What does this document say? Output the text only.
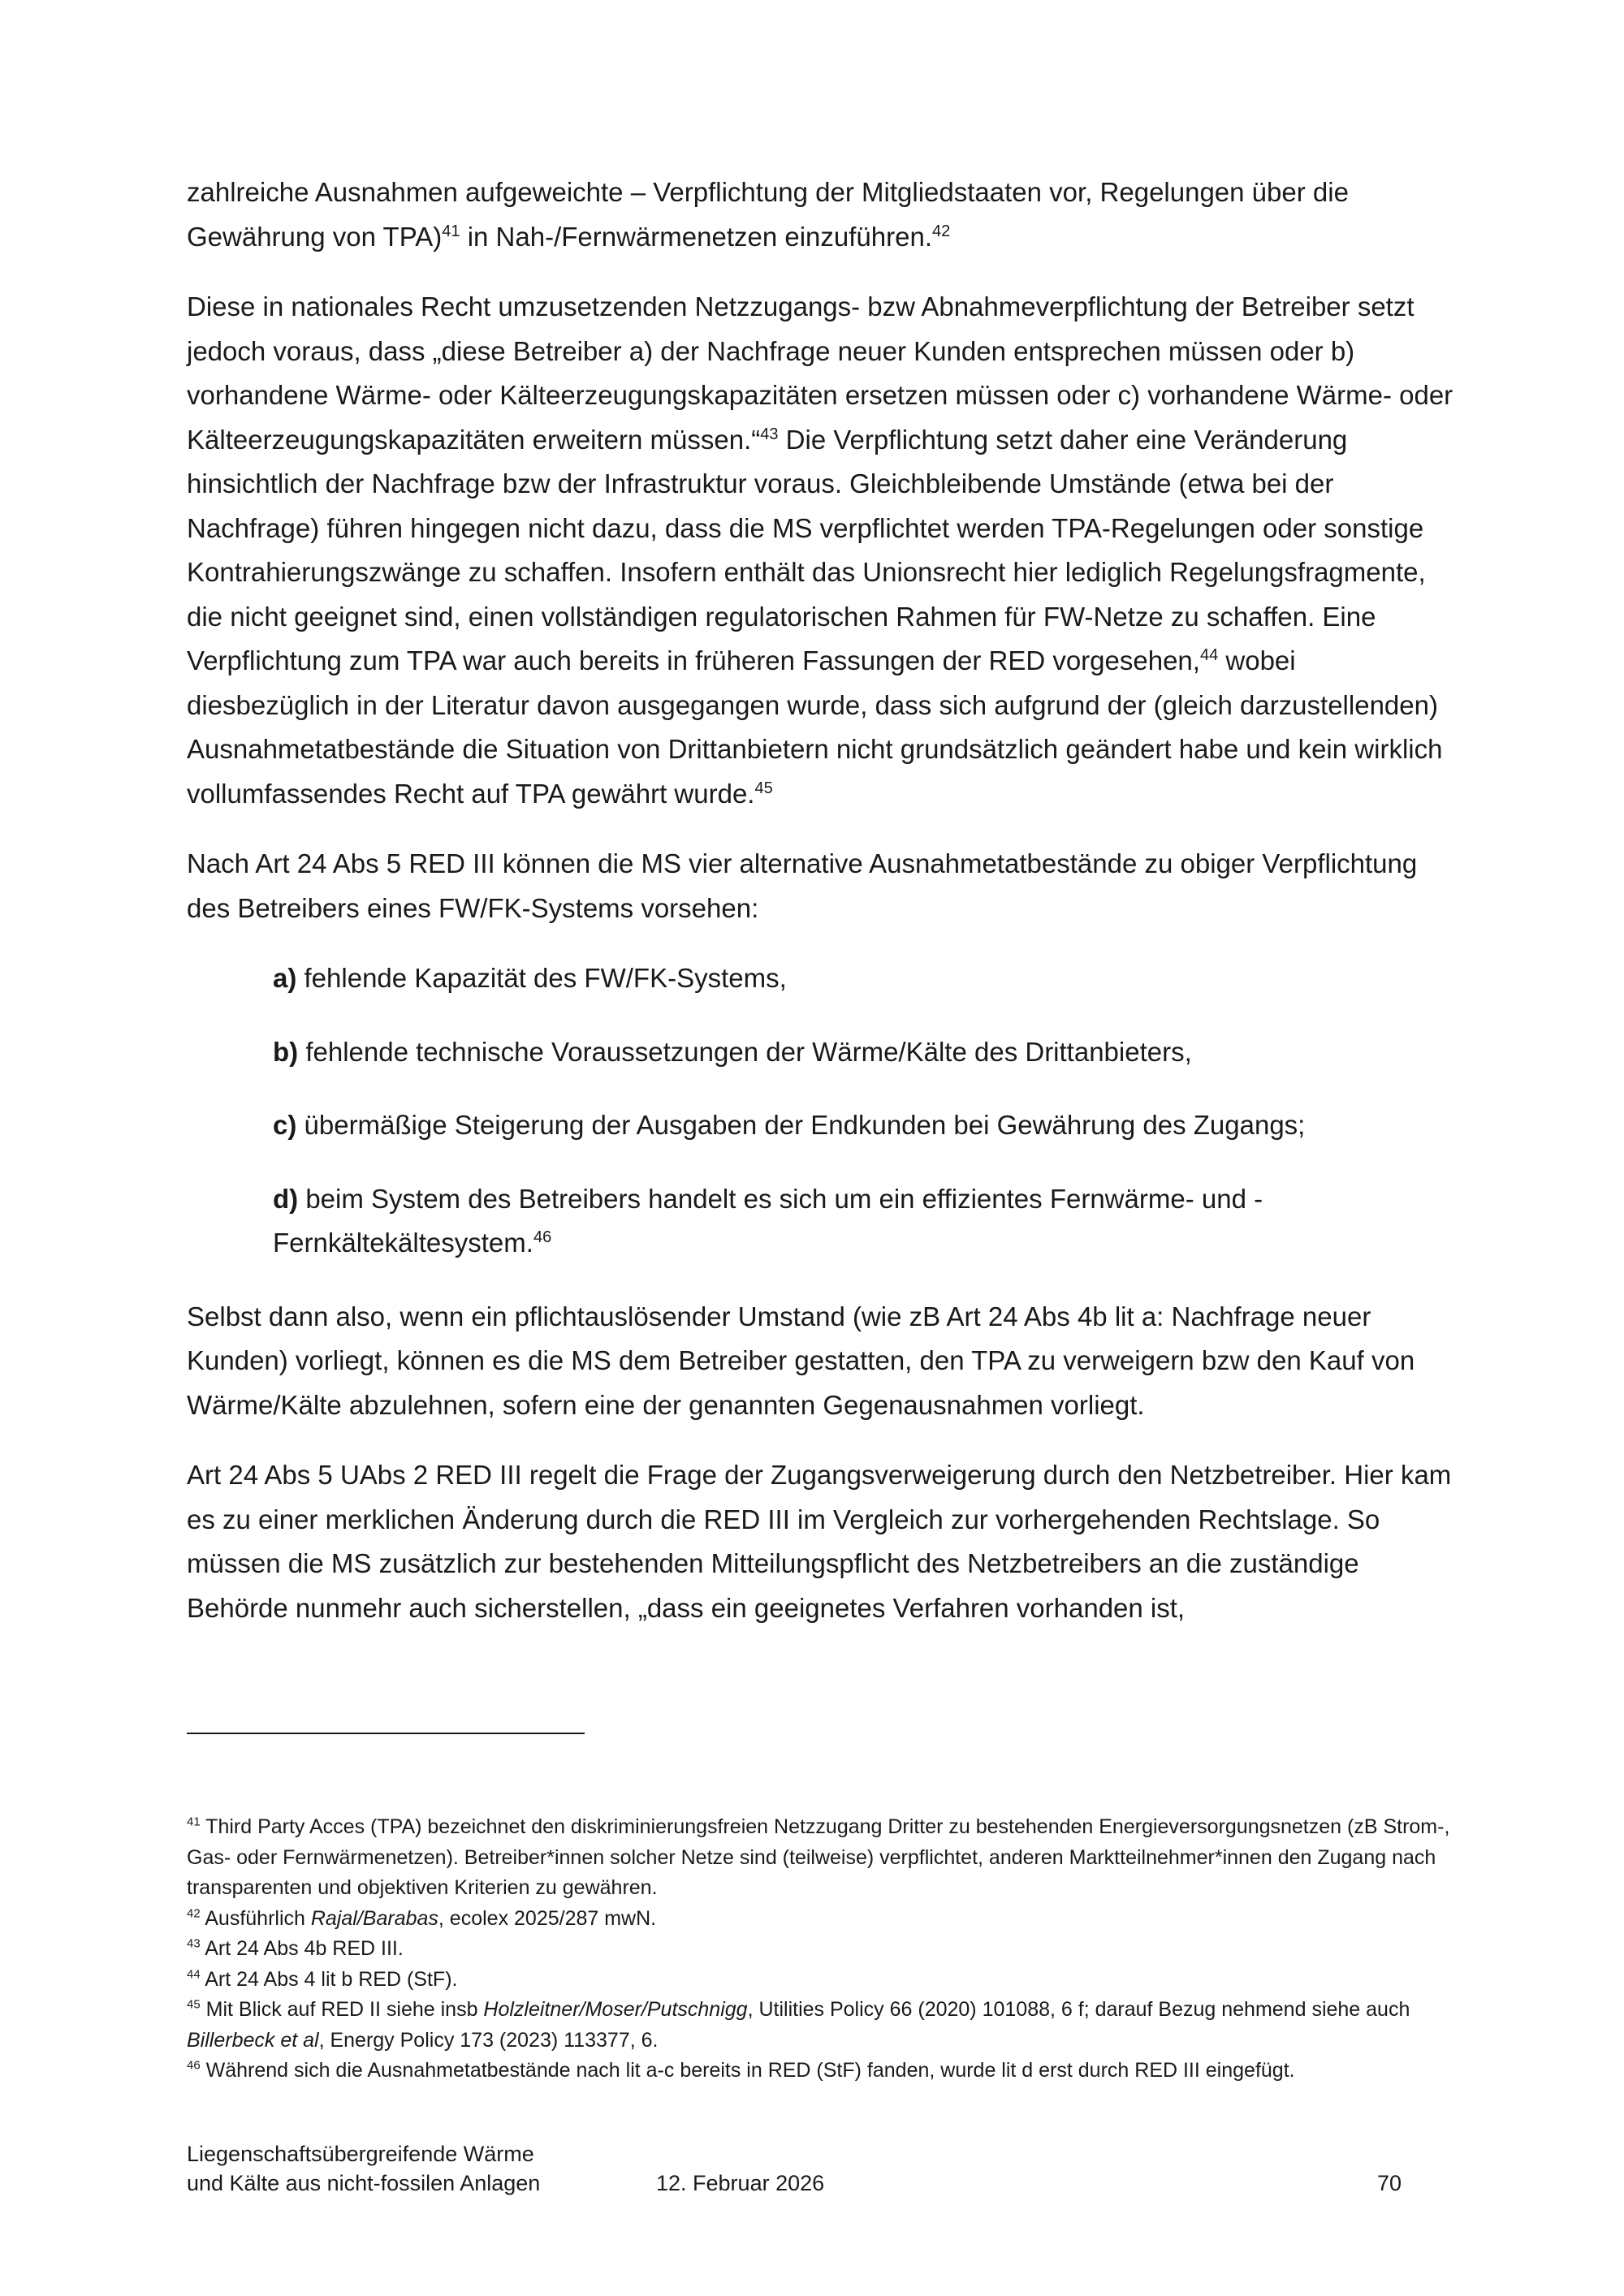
zahlreiche Ausnahmen aufgeweichte – Verpflichtung der Mitgliedstaaten vor, Regelungen über die Gewährung von TPA)$^{41}$ in Nah-/Fernwärmenetzen einzuführen.$^{42}$

Diese in nationales Recht umzusetzenden Netzzugangs- bzw Abnahmeverpflichtung der Betreiber setzt jedoch voraus, dass „diese Betreiber a) der Nachfrage neuer Kunden entsprechen müssen oder b) vorhandene Wärme- oder Kälteerzeugungskapazitäten ersetzen müssen oder c) vorhandene Wärme- oder Kälteerzeugungskapazitäten erweitern müssen.“$^{43}$ Die Verpflichtung setzt daher eine Veränderung hinsichtlich der Nachfrage bzw der Infrastruktur voraus. Gleichbleibende Umstände (etwa bei der Nachfrage) führen hingegen nicht dazu, dass die MS verpflichtet werden TPA-Regelungen oder sonstige Kontrahierungszwänge zu schaffen. Insofern enthält das Unionsrecht hier lediglich Regelungsfragmente, die nicht geeignet sind, einen vollständigen regulatorischen Rahmen für FW-Netze zu schaffen. Eine Verpflichtung zum TPA war auch bereits in früheren Fassungen der RED vorgesehen,$^{44}$ wobei diesbezüglich in der Literatur davon ausgegangen wurde, dass sich aufgrund der (gleich darzustellenden) Ausnahmetatbestände die Situation von Drittanbietern nicht grundsätzlich geändert habe und kein wirklich vollumfassendes Recht auf TPA gewährt wurde.$^{45}$

Nach Art 24 Abs 5 RED III können die MS vier alternative Ausnahmetatbestände zu obiger Verpflichtung des Betreibers eines FW/FK-Systems vorsehen:

a) fehlende Kapazität des FW/FK-Systems,
b) fehlende technische Voraussetzungen der Wärme/Kälte des Drittanbieters,
c) übermäßige Steigerung der Ausgaben der Endkunden bei Gewährung des Zugangs;
d) beim System des Betreibers handelt es sich um ein effizientes Fernwärme- und -Fernkältekältesystem.$^{46}$

Selbst dann also, wenn ein pflichtauslösender Umstand (wie zB Art 24 Abs 4b lit a: Nachfrage neuer Kunden) vorliegt, können es die MS dem Betreiber gestatten, den TPA zu verweigern bzw den Kauf von Wärme/Kälte abzulehnen, sofern eine der genannten Gegenausnahmen vorliegt.

Art 24 Abs 5 UAbs 2 RED III regelt die Frage der Zugangsverweigerung durch den Netzbetreiber. Hier kam es zu einer merklichen Änderung durch die RED III im Vergleich zur vorhergehenden Rechtslage. So müssen die MS zusätzlich zur bestehenden Mitteilungspflicht des Netzbetreibers an die zuständige Behörde nunmehr auch sicherstellen, „dass ein geeignetes Verfahren vorhanden ist,

$^{41}$ Third Party Acces (TPA) bezeichnet den diskriminierungsfreien Netzzugang Dritter zu bestehenden Energieversorgungsnetzen (zB Strom-, Gas- oder Fernwärmenetzen). Betreiber*innen solcher Netze sind (teilweise) verpflichtet, anderen Marktteilnehmer*innen den Zugang nach transparenten und objektiven Kriterien zu gewähren.

$^{42}$ Ausführlich Rajal/Barabas, ecolex 2025/287 mwN.

$^{43}$ Art 24 Abs 4b RED III.

$^{44}$ Art 24 Abs 4 lit b RED (StF).

$^{45}$ Mit Blick auf RED II siehe insb Holzleitner/Moser/Putschnigg, Utilities Policy 66 (2020) 101088, 6 f; darauf Bezug nehmend siehe auch Billerbeck et al, Energy Policy 173 (2023) 113377, 6.

$^{46}$ Während sich die Ausnahmetatbestände nach lit a-c bereits in RED (StF) fanden, wurde lit d erst durch RED III eingefügt.

Liegenschaftsübergreifende Wärme
und Kälte aus nicht-fossilen Anlagen	12. Februar 2026	70
